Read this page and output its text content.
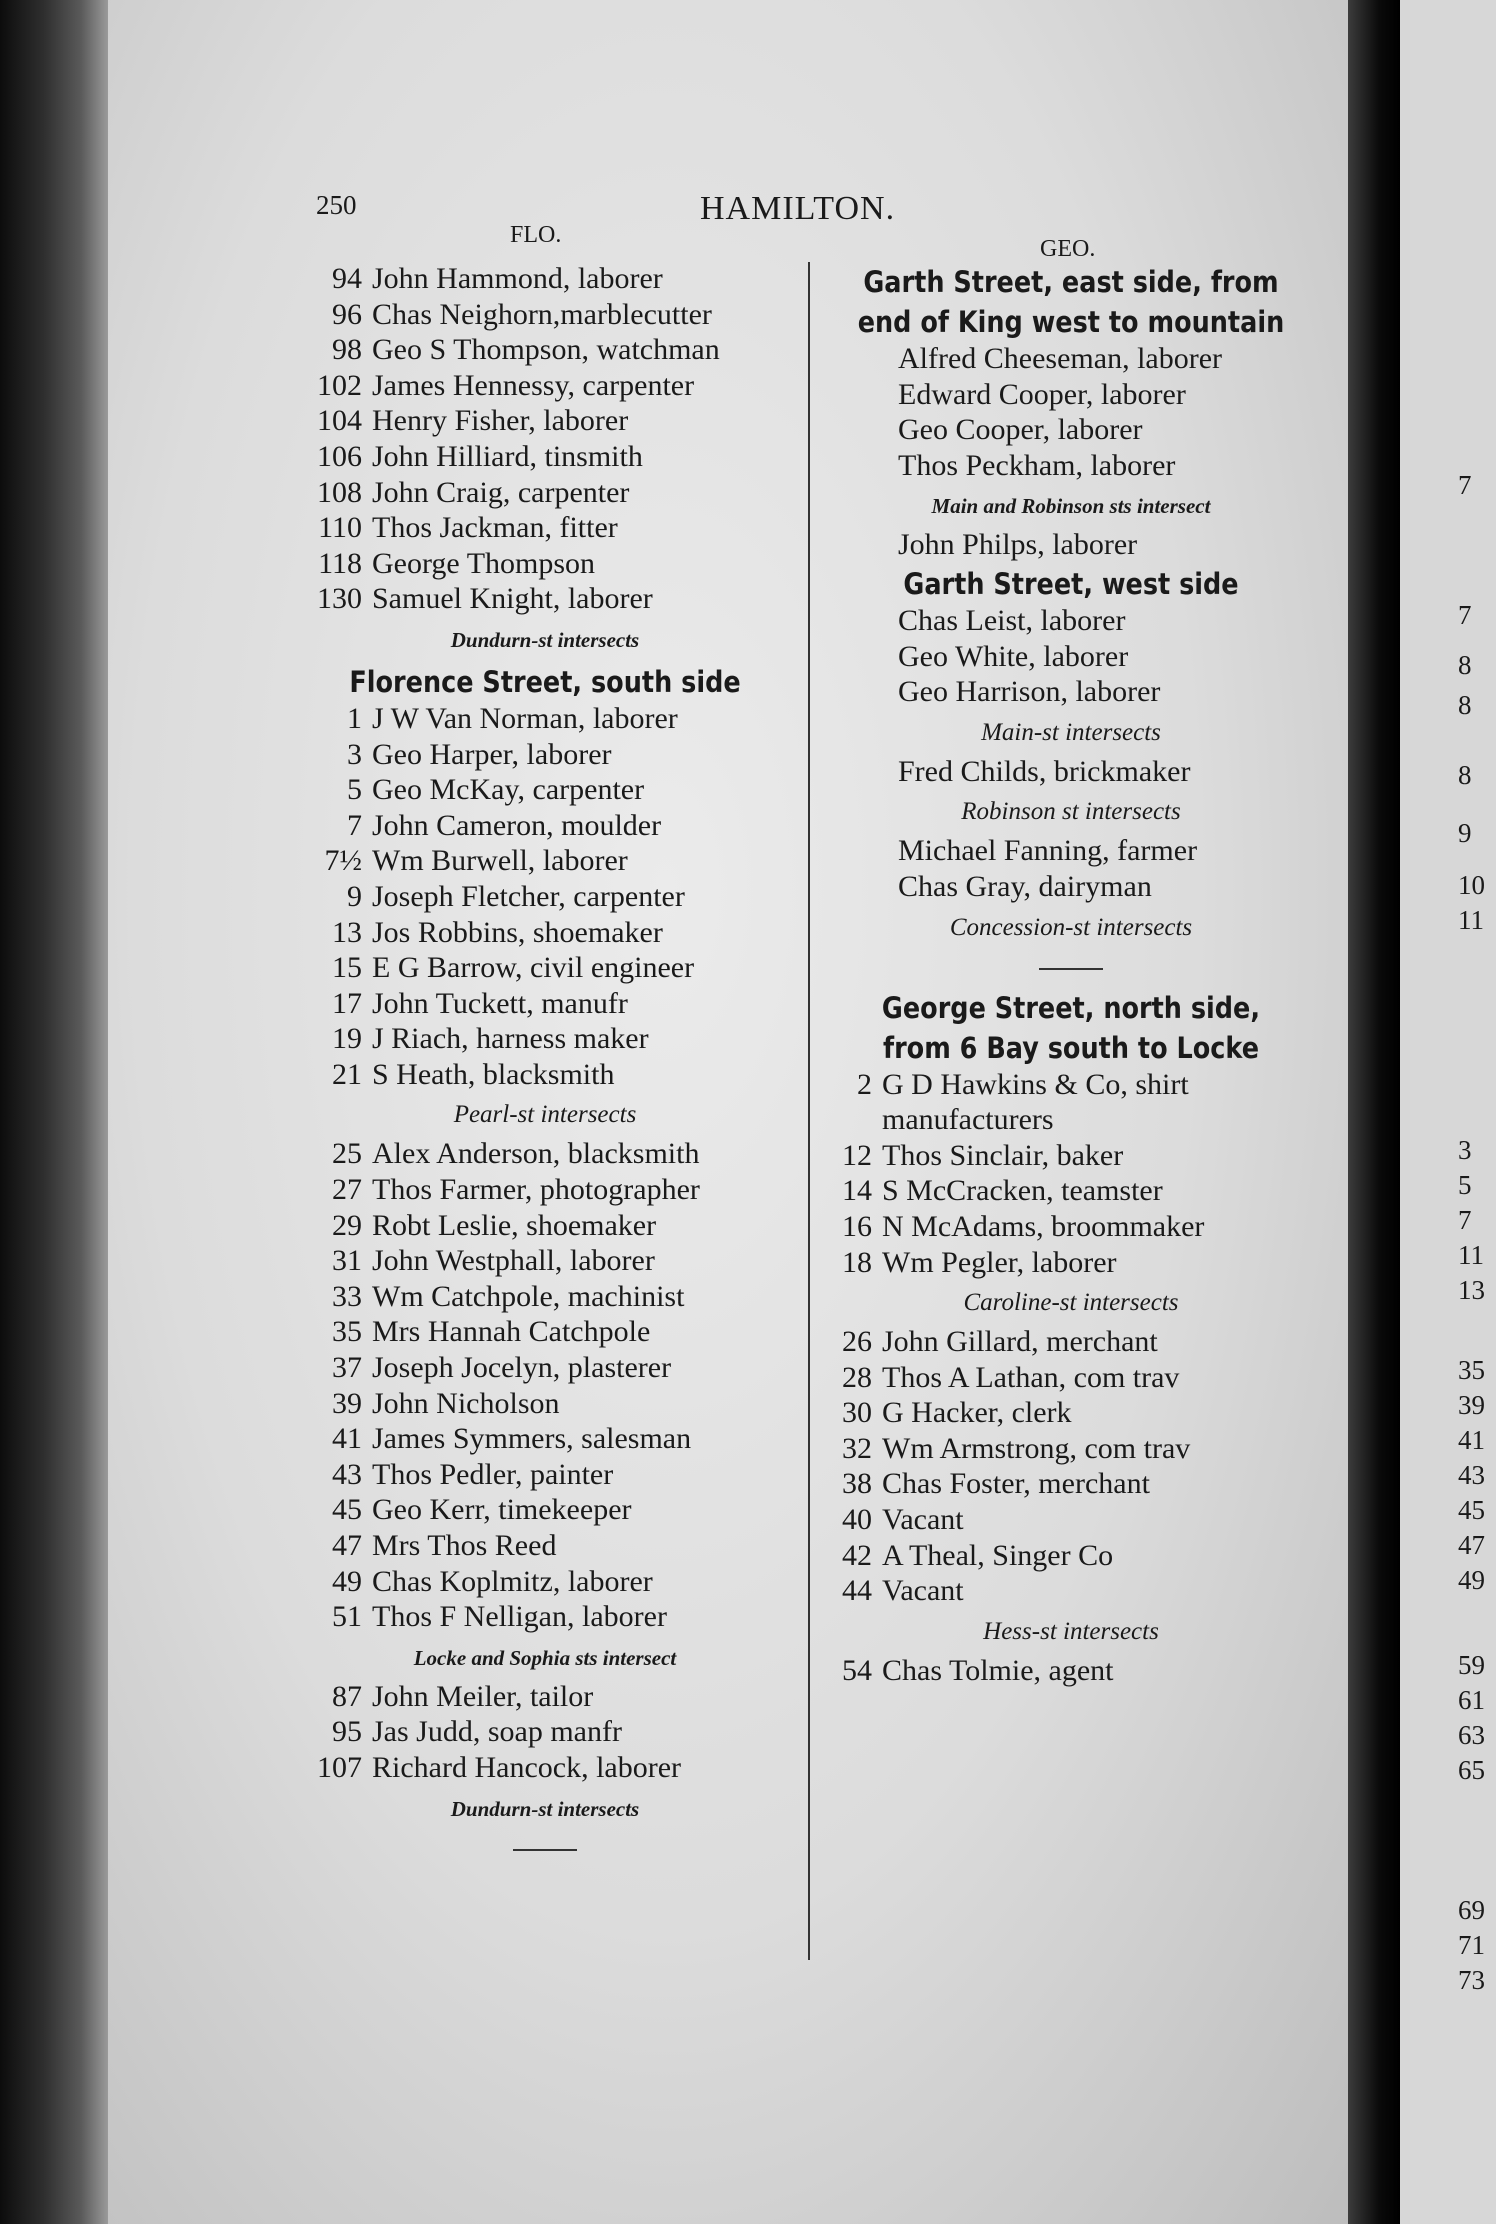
7
7
8
8
8
9
10
11
3
5
7
11
13
35
39
41
43
45
47
49
59
61
63
65
69
71
73
250	HAMILTON.
FLO.
GEO.
94 John Hammond, laborer
96 Chas Neighorn,marblecutter
98 Geo S Thompson, watchman
102 James Hennessy, carpenter
104 Henry Fisher, laborer
106 John Hilliard, tinsmith
108 John Craig, carpenter
110 Thos Jackman, fitter
118 George Thompson
130 Samuel Knight, laborer
Dundurn-st intersects
Florence Street, south side
1 J W Van Norman, laborer
3 Geo Harper, laborer
5 Geo McKay, carpenter
7 John Cameron, moulder
7½ Wm Burwell, laborer
9 Joseph Fletcher, carpenter
13 Jos Robbins, shoemaker
15 E G Barrow, civil engineer
17 John Tuckett, manufr
19 J Riach, harness maker
21 S Heath, blacksmith
Pearl-st intersects
25 Alex Anderson, blacksmith
27 Thos Farmer, photographer
29 Robt Leslie, shoemaker
31 John Westphall, laborer
33 Wm Catchpole, machinist
35 Mrs Hannah Catchpole
37 Joseph Jocelyn, plasterer
39 John Nicholson
41 James Symmers, salesman
43 Thos Pedler, painter
45 Geo Kerr, timekeeper
47 Mrs Thos Reed
49 Chas Koplmitz, laborer
51 Thos F Nelligan, laborer
Locke and Sophia sts intersect
87 John Meiler, tailor
95 Jas Judd, soap manfr
107 Richard Hancock, laborer
Dundurn-st intersects
Garth Street, east side, from end of King west to mountain
Alfred Cheeseman, laborer
Edward Cooper, laborer
Geo Cooper, laborer
Thos Peckham, laborer
Main and Robinson sts intersect
John Philps, laborer
Garth Street, west side
Chas Leist, laborer
Geo White, laborer
Geo Harrison, laborer
Main-st intersects
Fred Childs, brickmaker
Robinson st intersects
Michael Fanning, farmer
Chas Gray, dairyman
Concession-st intersects
George Street, north side, from 6 Bay south to Locke
2 G D Hawkins & Co, shirt
manufacturers
12 Thos Sinclair, baker
14 S McCracken, teamster
16 N McAdams, broommaker
18 Wm Pegler, laborer
Caroline-st intersects
26 John Gillard, merchant
28 Thos A Lathan, com trav
30 G Hacker, clerk
32 Wm Armstrong, com trav
38 Chas Foster, merchant
40 Vacant
42 A Theal, Singer Co
44 Vacant
Hess-st intersects
54 Chas Tolmie, agent
